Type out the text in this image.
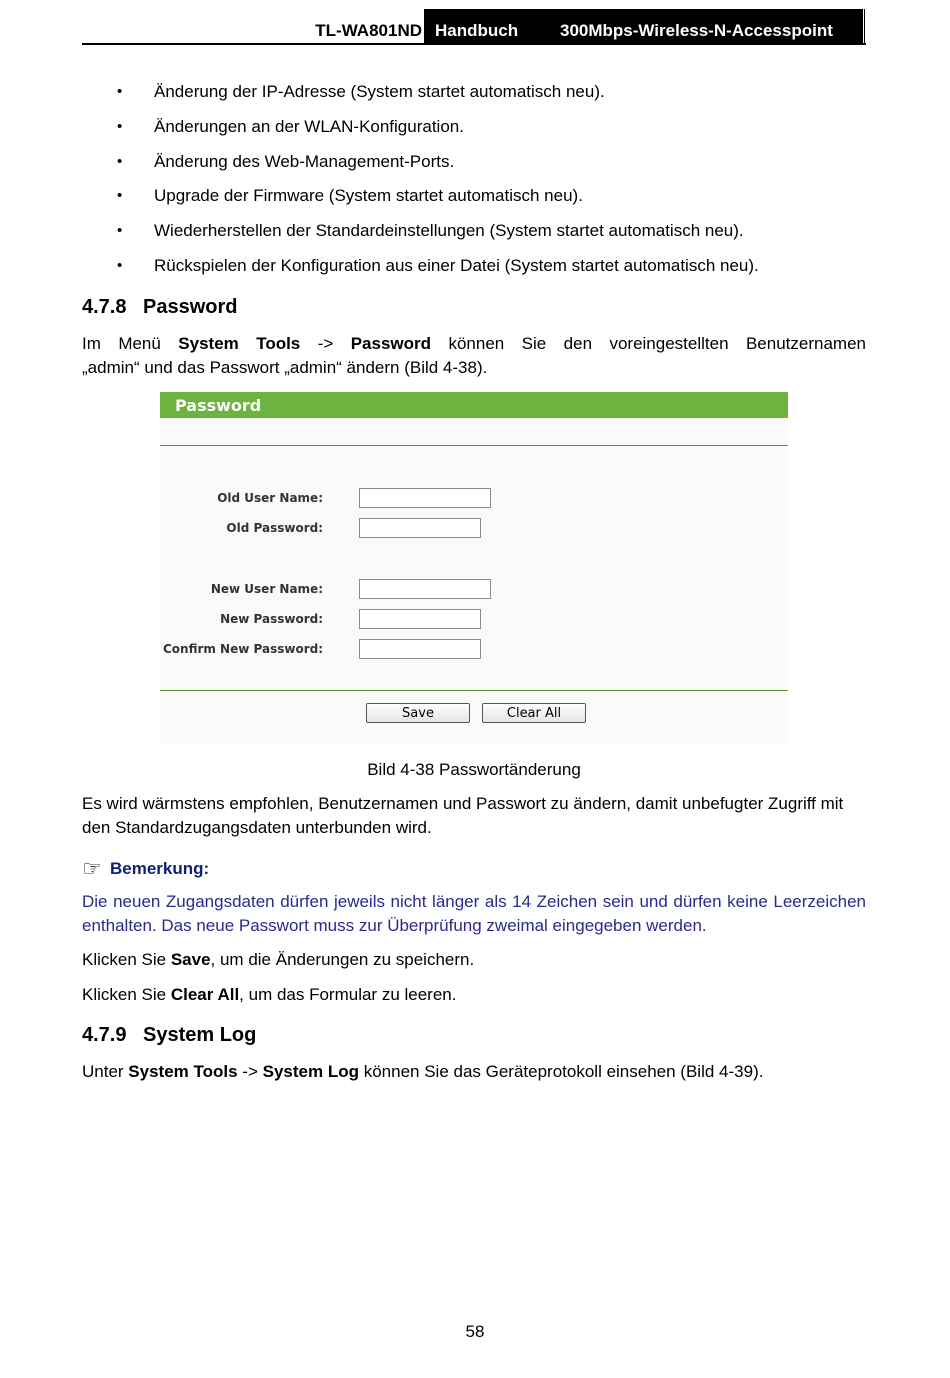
TL-WA801ND Handbuch 300Mbps-Wireless-N-Accesspoint
• Änderung der IP-Adresse (System startet automatisch neu).
• Änderungen an der WLAN-Konfiguration.
• Änderung des Web-Management-Ports.
• Upgrade der Firmware (System startet automatisch neu).
• Wiederherstellen der Standardeinstellungen (System startet automatisch neu).
• Rückspielen der Konfiguration aus einer Datei (System startet automatisch neu).
4.7.8 Password
Im Menü System Tools -> Password können Sie den voreingestellten Benutzernamen
„admin“ und das Passwort „admin“ ändern (Bild 4-38).
Password
Old User Name:
Old Password:
New User Name:
New Password:
Confirm New Password:
Save	Clear All
Bild 4-38 Passwortänderung
Es wird wärmstens empfohlen, Benutzernamen und Passwort zu ändern, damit unbefugter Zugriff mit den Standardzugangsdaten unterbunden wird.
☞ Bemerkung:
Die neuen Zugangsdaten dürfen jeweils nicht länger als 14 Zeichen sein und dürfen keine Leerzeichen enthalten. Das neue Passwort muss zur Überprüfung zweimal eingegeben werden.
Klicken Sie Save, um die Änderungen zu speichern.
Klicken Sie Clear All, um das Formular zu leeren.
4.7.9 System Log
Unter System Tools -> System Log können Sie das Geräteprotokoll einsehen (Bild 4-39).
58
